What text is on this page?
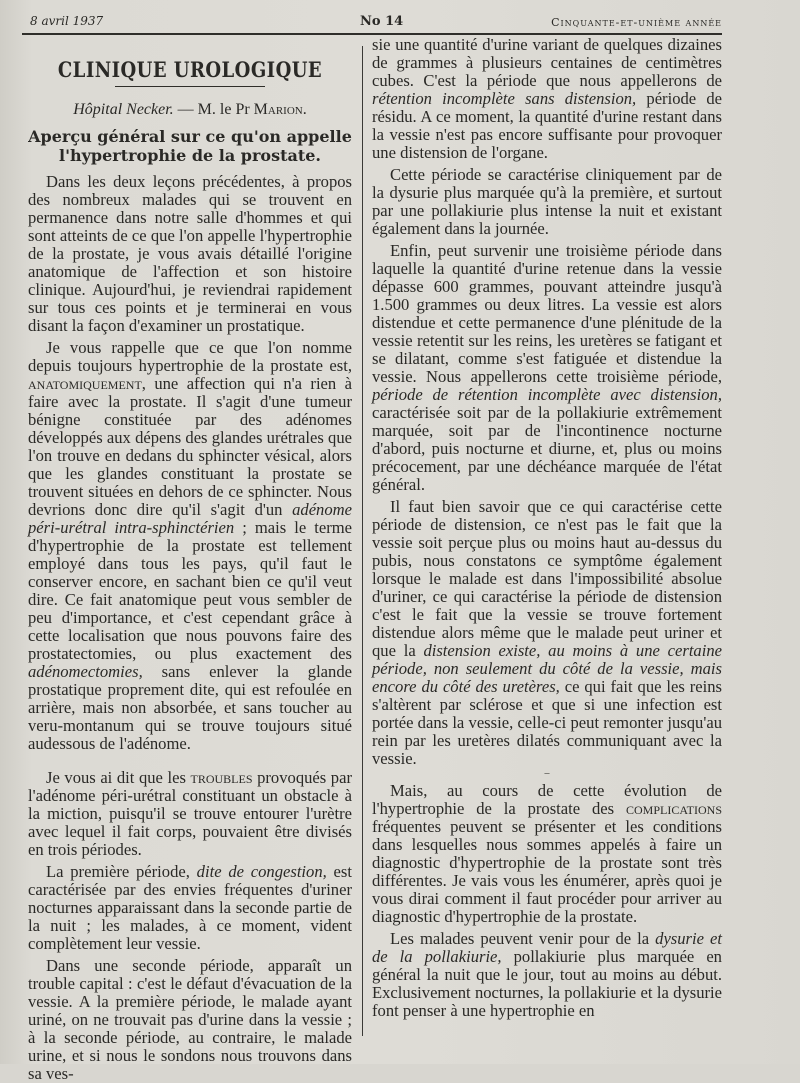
8 avril 1937	No 14	Cinquante-et-unième année
CLINIQUE UROLOGIQUE
Hôpital Necker. — M. le Pr Marion.
Aperçu général sur ce qu'on appelle l'hypertrophie de la prostate.

Dans les deux leçons précédentes, à propos des nombreux malades qui se trouvent en permanence dans notre salle d'hommes et qui sont atteints de ce que l'on appelle l'hypertrophie de la prostate, je vous avais détaillé l'origine anatomique de l'affection et son histoire clinique. Aujourd'hui, je reviendrai rapidement sur tous ces points et je terminerai en vous disant la façon d'examiner un prostatique.

Je vous rappelle que ce que l'on nomme depuis toujours hypertrophie de la prostate est, anatomiquement, une affection qui n'a rien à faire avec la prostate. Il s'agit d'une tumeur bénigne constituée par des adénomes développés aux dépens des glandes urétrales que l'on trouve en dedans du sphincter vésical, alors que les glandes constituant la prostate se trouvent situées en dehors de ce sphincter. Nous devrions donc dire qu'il s'agit d'un adénome péri-urétral intra-sphinctérien ; mais le terme d'hypertrophie de la prostate est tellement employé dans tous les pays, qu'il faut le conserver encore, en sachant bien ce qu'il veut dire. Ce fait anatomique peut vous sembler de peu d'importance, et c'est cependant grâce à cette localisation que nous pouvons faire des prostatectomies, ou plus exactement des adénomectomies, sans enlever la glande prostatique proprement dite, qui est refoulée en arrière, mais non absorbée, et sans toucher au veru-montanum qui se trouve toujours situé audessous de l'adénome.

Je vous ai dit que les troubles provoqués par l'adénome péri-urétral constituant un obstacle à la miction, puisqu'il se trouve entourer l'urètre avec lequel il fait corps, pouvaient être divisés en trois périodes.

La première période, dite de congestion, est caractérisée par des envies fréquentes d'uriner nocturnes apparaissant dans la seconde partie de la nuit ; les malades, à ce moment, vident complètement leur vessie.

Dans une seconde période, apparaît un trouble capital : c'est le défaut d'évacuation de la vessie. A la première période, le malade ayant uriné, on ne trouvait pas d'urine dans la vessie ; à la seconde période, au contraire, le malade urine, et si nous le sondons nous trouvons dans sa ves-

sie une quantité d'urine variant de quelques dizaines de grammes à plusieurs centaines de centimètres cubes. C'est la période que nous appellerons de rétention incomplète sans distension, période de résidu. A ce moment, la quantité d'urine restant dans la vessie n'est pas encore suffisante pour provoquer une distension de l'organe.

Cette période se caractérise cliniquement par de la dysurie plus marquée qu'à la première, et surtout par une pollakiurie plus intense la nuit et existant également dans la journée.

Enfin, peut survenir une troisième période dans laquelle la quantité d'urine retenue dans la vessie dépasse 600 grammes, pouvant atteindre jusqu'à 1.500 grammes ou deux litres. La vessie est alors distendue et cette permanence d'une plénitude de la vessie retentit sur les reins, les uretères se fatigant et se dilatant, comme s'est fatiguée et distendue la vessie. Nous appellerons cette troisième période, période de rétention incomplète avec distension, caractérisée soit par de la pollakiurie extrêmement marquée, soit par de l'incontinence nocturne d'abord, puis nocturne et diurne, et, plus ou moins précocement, par une déchéance marquée de l'état général.

Il faut bien savoir que ce qui caractérise cette période de distension, ce n'est pas le fait que la vessie soit perçue plus ou moins haut au-dessus du pubis, nous constatons ce symptôme également lorsque le malade est dans l'impossibilité absolue d'uriner, ce qui caractérise la période de distension c'est le fait que la vessie se trouve fortement distendue alors même que le malade peut uriner et que la distension existe, au moins à une certaine période, non seulement du côté de la vessie, mais encore du côté des uretères, ce qui fait que les reins s'altèrent par sclérose et que si une infection est portée dans la vessie, celle-ci peut remonter jusqu'au rein par les uretères dilatés communiquant avec la vessie.

–

Mais, au cours de cette évolution de l'hypertrophie de la prostate des complications fréquentes peuvent se présenter et les conditions dans lesquelles nous sommes appelés à faire un diagnostic d'hypertrophie de la prostate sont très différentes. Je vais vous les énumérer, après quoi je vous dirai comment il faut procéder pour arriver au diagnostic d'hypertrophie de la prostate.

Les malades peuvent venir pour de la dysurie et de la pollakiurie, pollakiurie plus marquée en général la nuit que le jour, tout au moins au début. Exclusivement nocturnes, la pollakiurie et la dysurie font penser à une hypertrophie en
